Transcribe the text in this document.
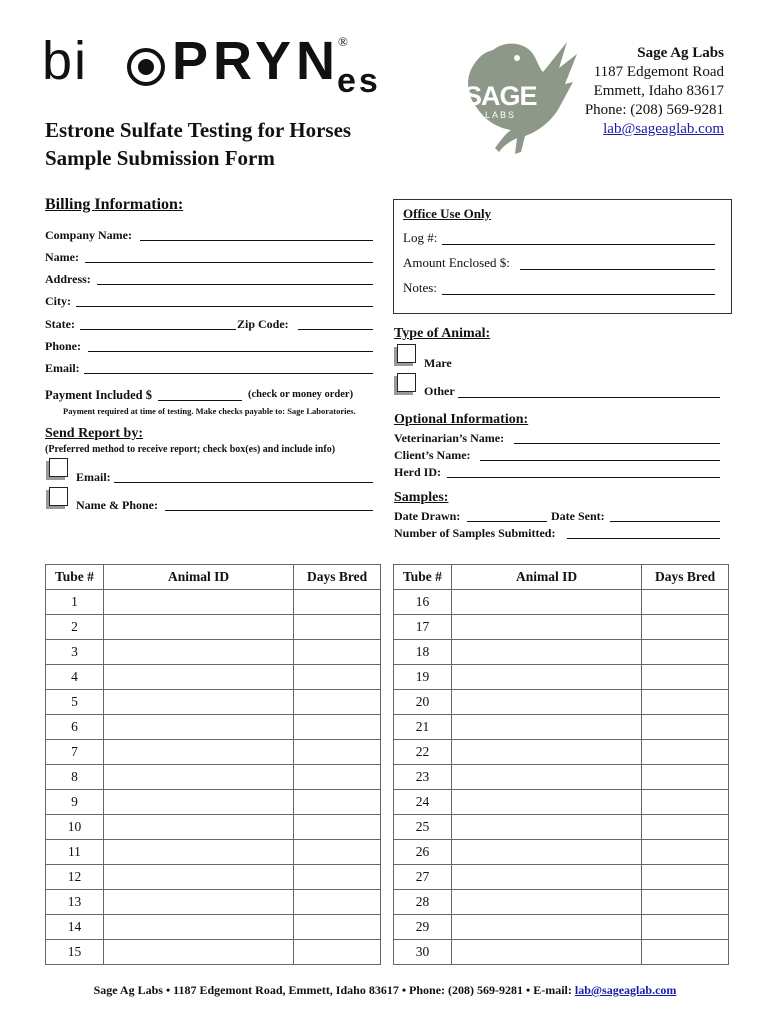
bi PRYN
es
®
SAGE
LABS
Sage Ag Labs
1187 Edgemont Road
Emmett, Idaho 83617
Phone: (208) 569-9281
lab@sageaglab.com
Estrone Sulfate Testing for Horses
Sample Submission Form
Billing Information:
Company Name:
Name:
Address:
City:
State:	Zip Code:
Phone:
Email:
Payment Included $	(check or money order)
Payment required at time of testing. Make checks payable to: Sage Laboratories.
Send Report by:
(Preferred method to receive report; check box(es) and include info)
Email:
Name & Phone:
Office Use Only
Log #:
Amount Enclosed $:
Notes:
Type of Animal:
Mare
Other
Optional Information:
Veterinarian’s Name:
Client’s Name:
Herd ID:
Samples:
Date Drawn:	Date Sent:
Number of Samples Submitted:
Tube #	Animal ID	Days Bred
1		
2		
3		
4		
5		
6		
7		
8		
9		
10		
11		
12		
13		
14		
15		
Tube #	Animal ID	Days Bred
16		
17		
18		
19		
20		
21		
22		
23		
24		
25		
26		
27		
28		
29		
30		
Sage Ag Labs • 1187 Edgemont Road, Emmett, Idaho 83617 • Phone: (208) 569-9281 • E-mail: lab@sageaglab.com
